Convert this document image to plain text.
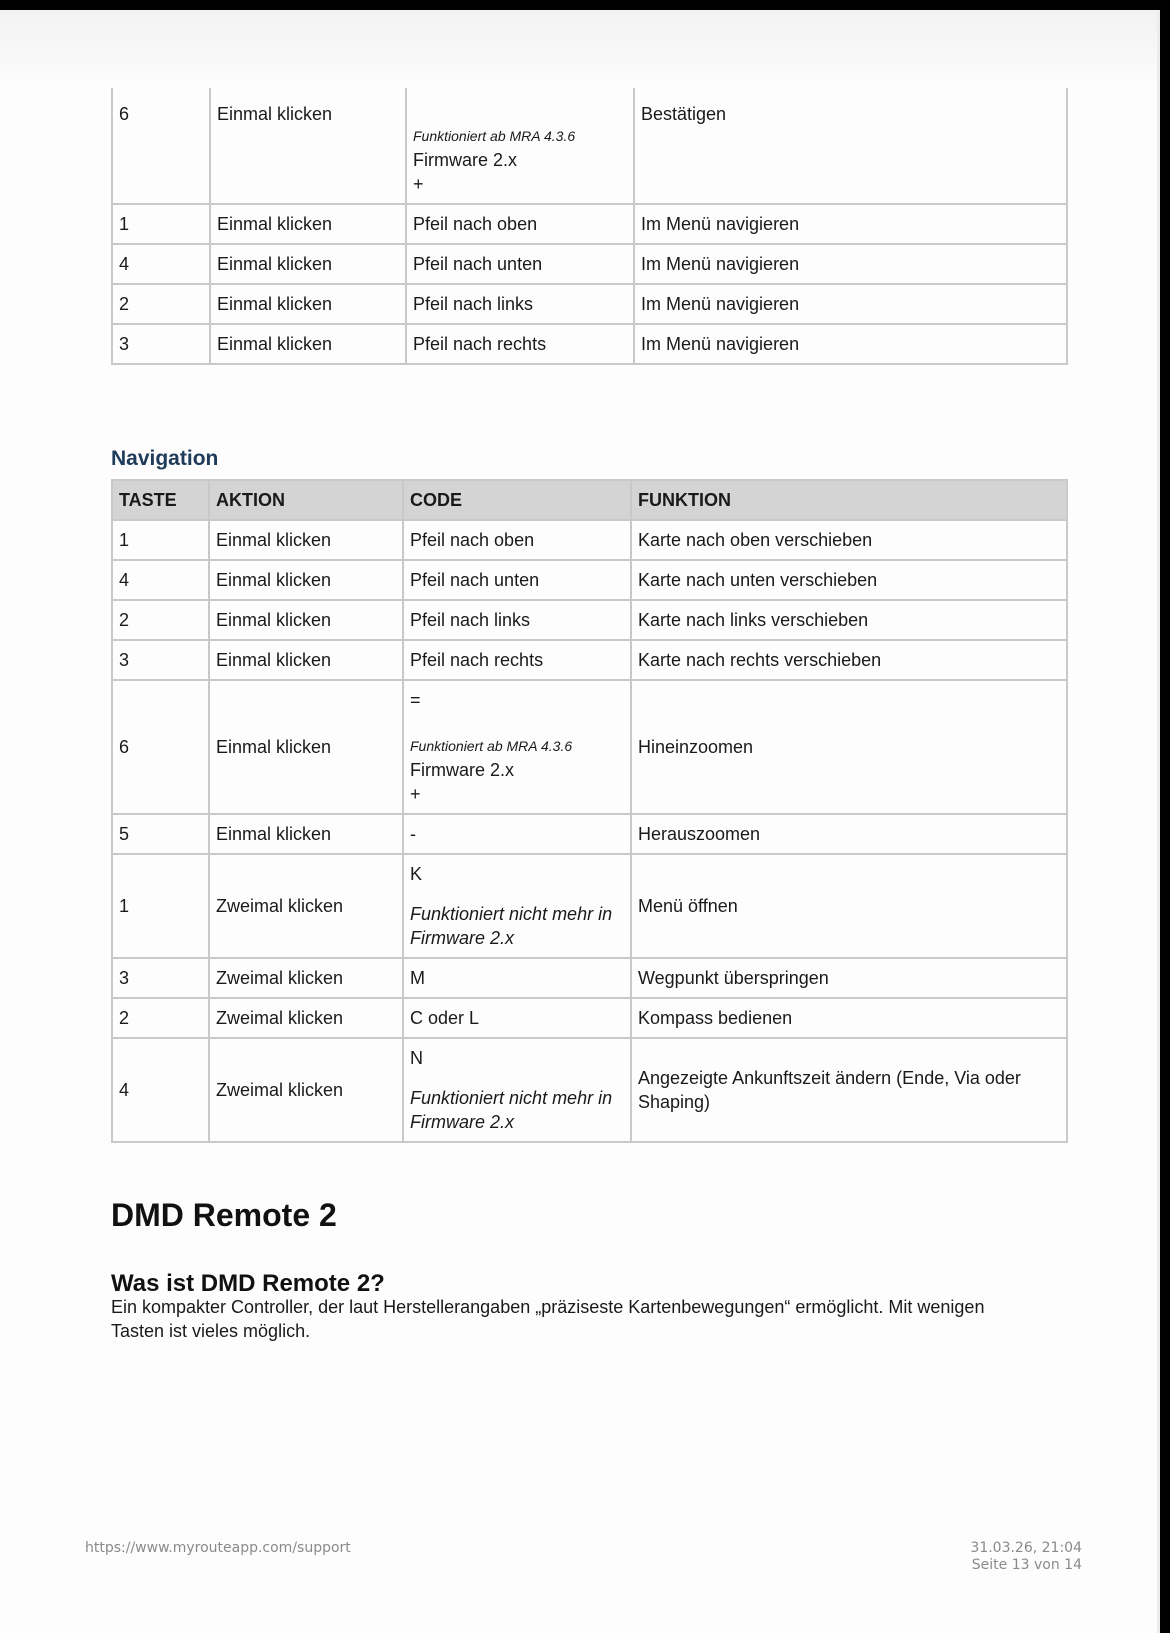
6	Einmal klicken	Funktioniert ab MRA 4.3.6
Firmware 2.x
+	Bestätigen
1	Einmal klicken	Pfeil nach oben	Im Menü navigieren
4	Einmal klicken	Pfeil nach unten	Im Menü navigieren
2	Einmal klicken	Pfeil nach links	Im Menü navigieren
3	Einmal klicken	Pfeil nach rechts	Im Menü navigieren
Navigation
TASTE	AKTION	CODE	FUNKTION
1	Einmal klicken	Pfeil nach oben	Karte nach oben verschieben
4	Einmal klicken	Pfeil nach unten	Karte nach unten verschieben
2	Einmal klicken	Pfeil nach links	Karte nach links verschieben
3	Einmal klicken	Pfeil nach rechts	Karte nach rechts verschieben
6	Einmal klicken	=
Funktioniert ab MRA 4.3.6
Firmware 2.x
+	Hineinzoomen
5	Einmal klicken	-	Herauszoomen
1	Zweimal klicken	K
Funktioniert nicht mehr in Firmware 2.x	Menü öffnen
3	Zweimal klicken	M	Wegpunkt überspringen
2	Zweimal klicken	C oder L	Kompass bedienen
4	Zweimal klicken	N
Funktioniert nicht mehr in Firmware 2.x	Angezeigte Ankunftszeit ändern (Ende, Via oder Shaping)
DMD Remote 2
Was ist DMD Remote 2?

Ein kompakter Controller, der laut Herstellerangaben „präziseste Kartenbewegungen“ ermöglicht. Mit wenigen Tasten ist vieles möglich.

https://www.myrouteapp.com/support	31.03.26, 21:04
Seite 13 von 14
